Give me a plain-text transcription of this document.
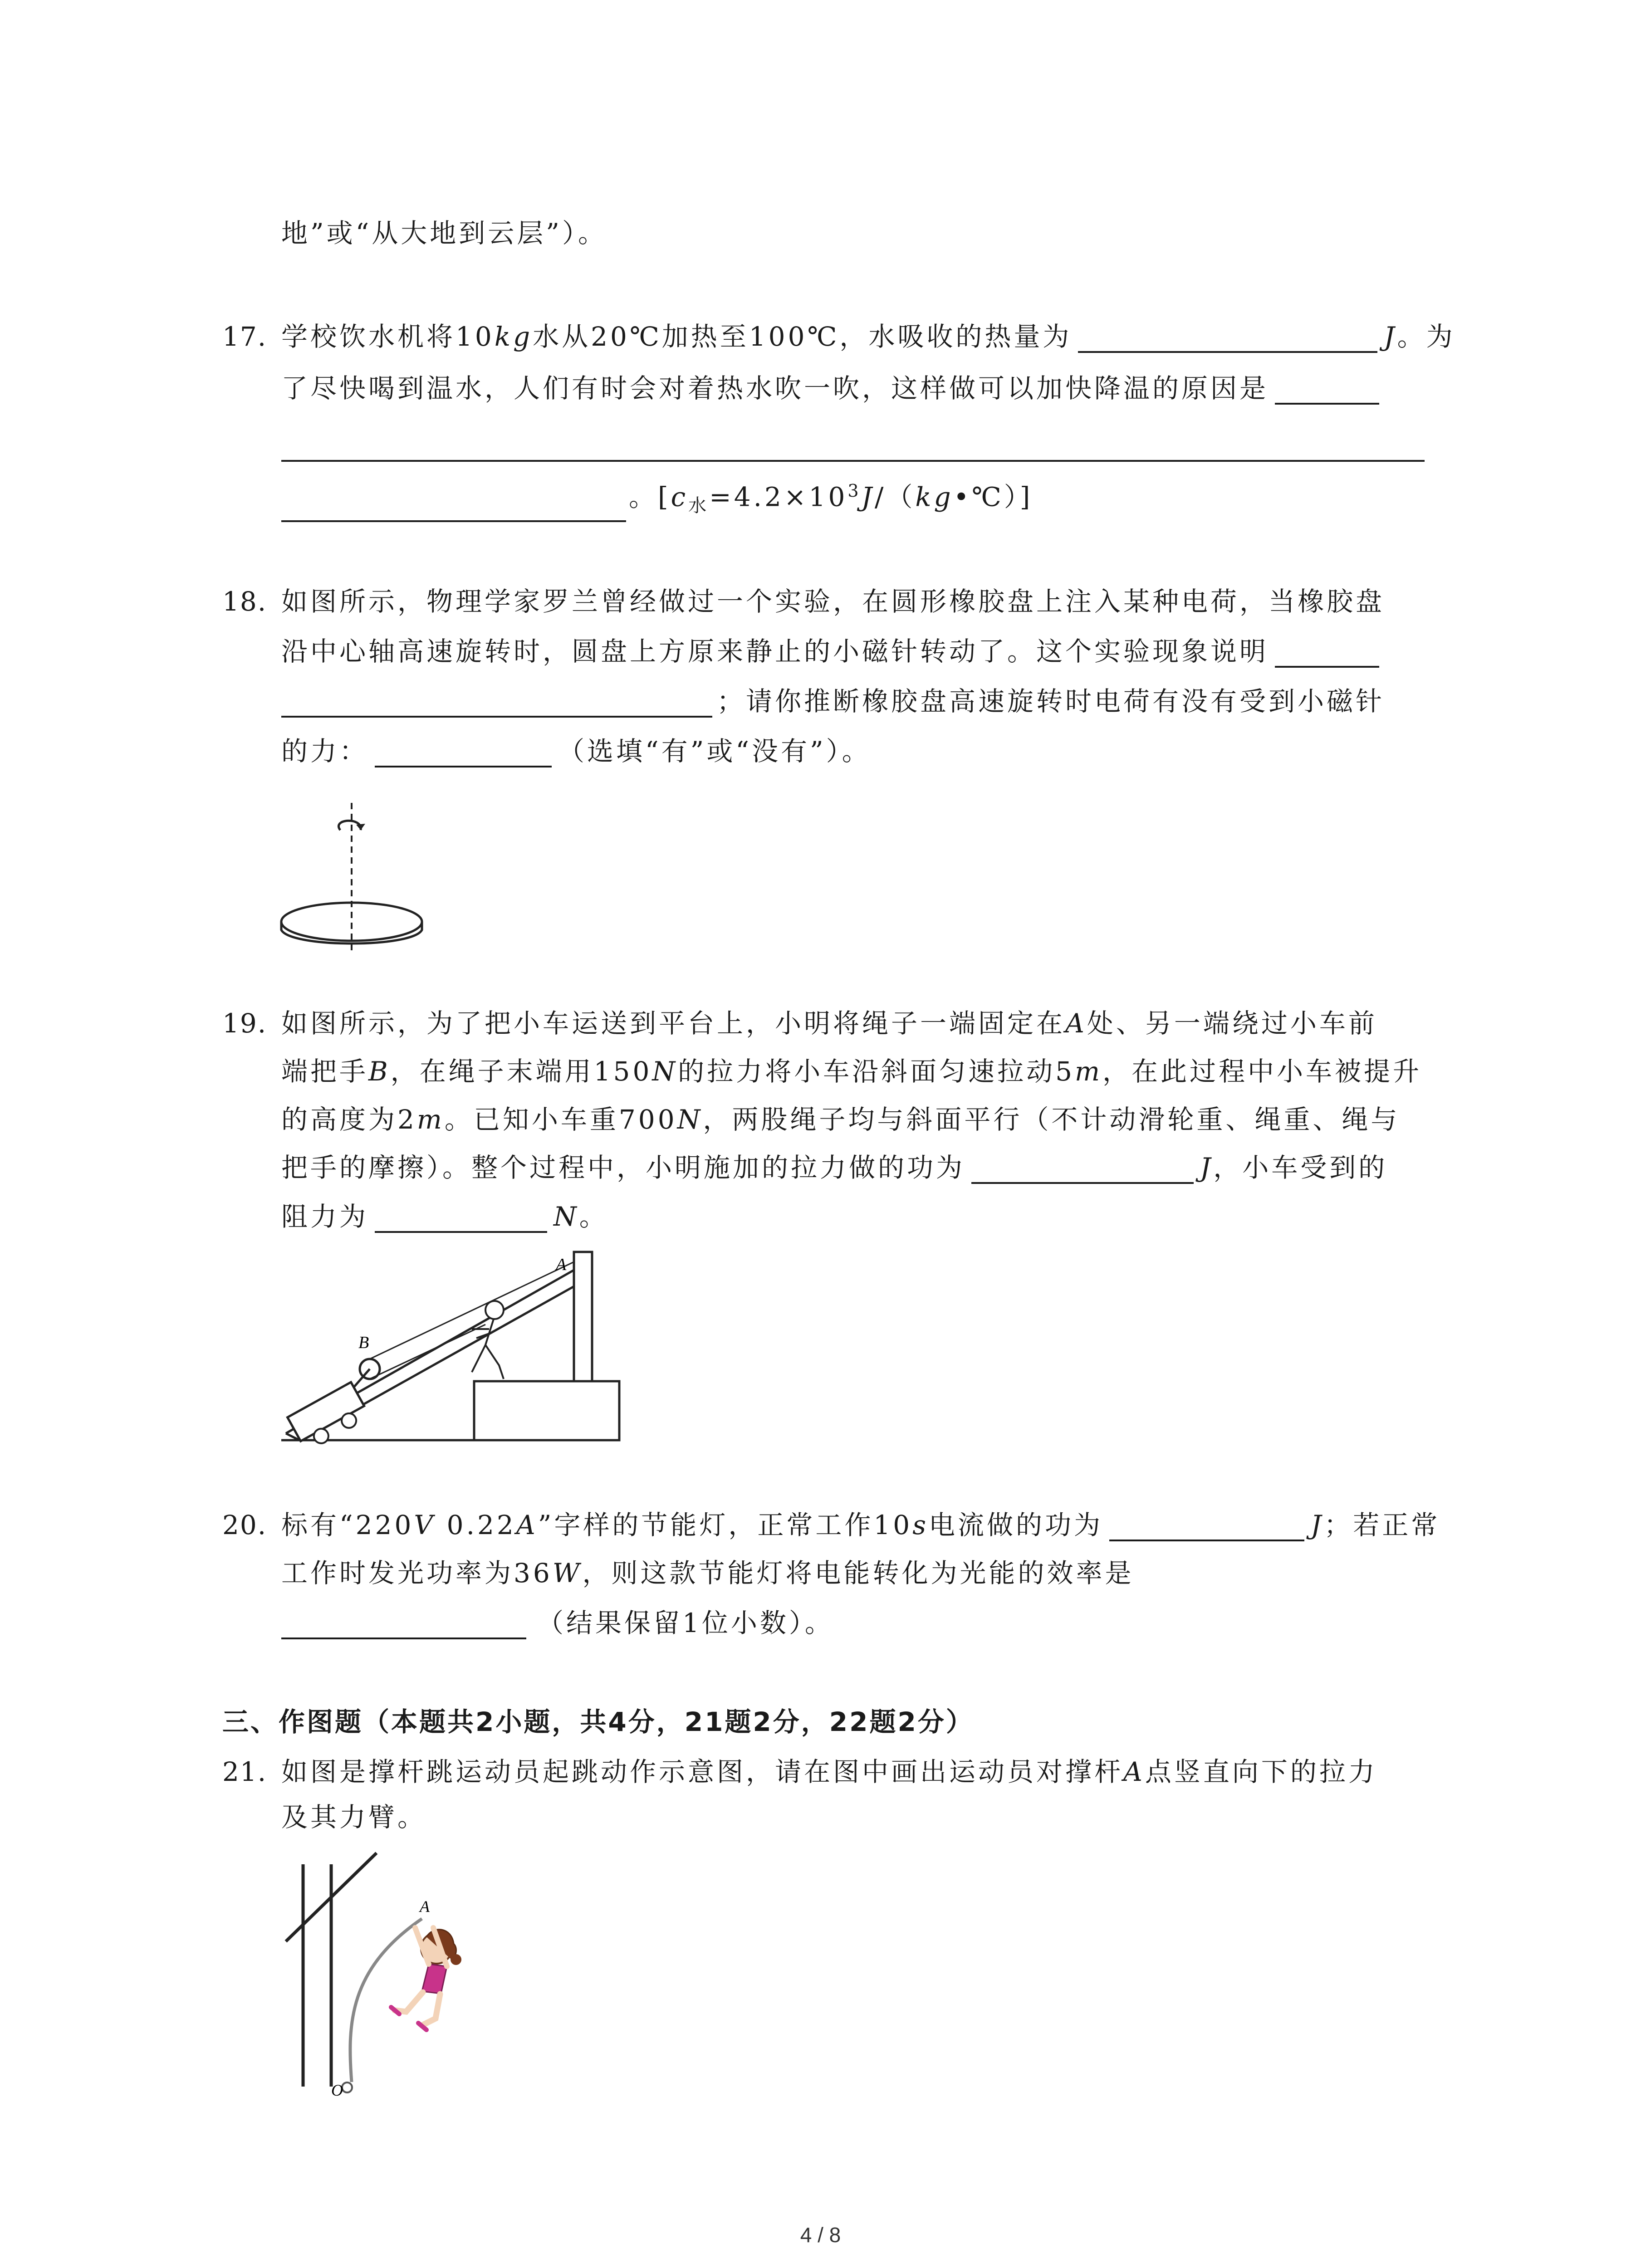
地”或“从大地到云层”）。
17. 学校饮水机将10kg水从20℃加热至100℃，水吸收的热量为	J。为
了尽快喝到温水，人们有时会对着热水吹一吹，这样做可以加快降温的原因是
。$[c_水=4.2\times 10^3J/(kg•℃)]$
18. 如图所示，物理学家罗兰曾经做过一个实验，在圆形橡胶盘上注入某种电荷，当橡胶盘
沿中心轴高速旋转时，圆盘上方原来静止的小磁针转动了。这个实验现象说明
；请你推断橡胶盘高速旋转时电荷有没有受到小磁针
的力：	（选填“有”或“没有”）。
19. 如图所示，为了把小车运送到平台上，小明将绳子一端固定在A处、另一端绕过小车前
端把手B，在绳子末端用150N的拉力将小车沿斜面匀速拉动5m，在此过程中小车被提升
的高度为2m。已知小车重700N，两股绳子均与斜面平行（不计动滑轮重、绳重、绳与
把手的摩擦）。整个过程中，小明施加的拉力做的功为	J，小车受到的
阻力为	N。
A
B
20. 标有“220V 0.22A”字样的节能灯，正常工作10s电流做的功为	J；若正常
工作时发光功率为36W，则这款节能灯将电能转化为光能的效率是
（结果保留1位小数）。
三、作图题（本题共2小题，共4分，21题2分，22题2分）
21. 如图是撑杆跳运动员起跳动作示意图，请在图中画出运动员对撑杆A点竖直向下的拉力
及其力臂。
A
O
4 / 8
